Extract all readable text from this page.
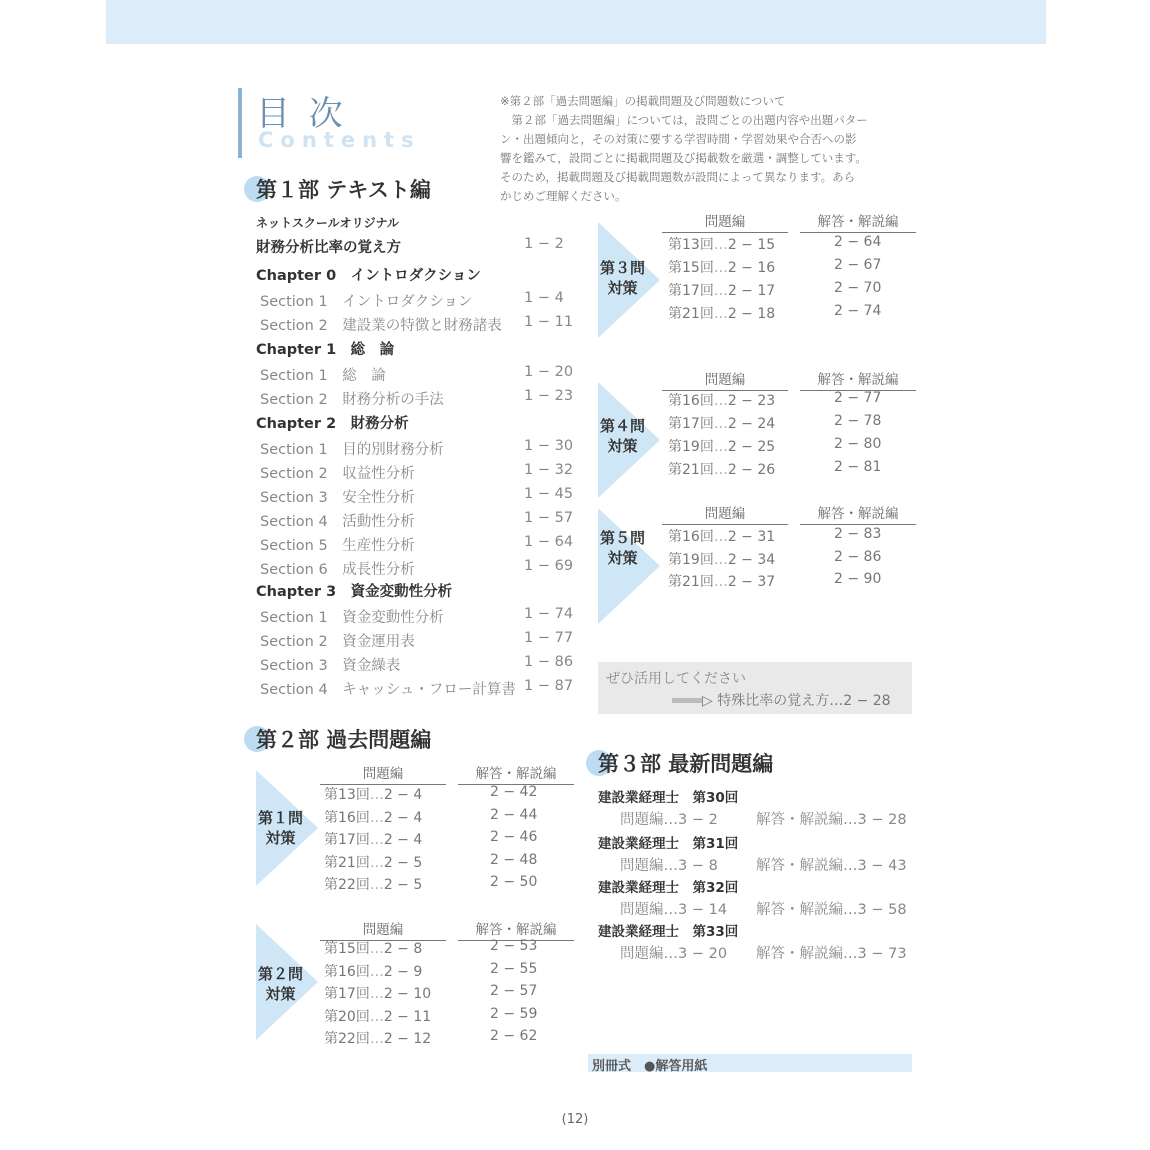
目 次
Contents

※第２部「過去問題編」の掲載問題及び問題数について

　第２部「過去問題編」については，設問ごとの出題内容や出題パター

ン・出題傾向と，その対策に要する学習時間・学習効果や合否への影

響を鑑みて，設問ごとに掲載問題及び掲載数を厳選・調整しています。

そのため，掲載問題及び掲載問題数が設問によって異なります。あら

かじめご理解ください。

第１部 テキスト編
ネットスクールオリジナル
財務分析比率の覚え方	1 − 2
Chapter 0　イントロダクション
Section 1　イントロダクション	1 − 4
Section 2　建設業の特徴と財務諸表 1 − 11
Chapter 1　総　論
Section 1　総　論	1 − 20
Section 2　財務分析の手法	1 − 23
Chapter 2　財務分析
Section 1　目的別財務分析	1 − 30
Section 2　収益性分析	1 − 32
Section 3　安全性分析	1 − 45
Section 4　活動性分析	1 − 57
Section 5　生産性分析	1 − 64
Section 6　成長性分析	1 − 69
Chapter 3　資金変動性分析
Section 1　資金変動性分析	1 − 74
Section 2　資金運用表	1 − 77
Section 3　資金繰表	1 − 86
Section 4　キャッシュ・フロー計算書 1 − 87
第２部 過去問題編
第１問
対策
問題編	解答・解説編
第13回…2 − 4	2 − 42
第16回…2 − 4	2 − 44
第17回…2 − 4	2 − 46
第21回…2 − 5	2 − 48
第22回…2 − 5	2 − 50
第２問
対策
問題編	解答・解説編
第15回…2 − 8	2 − 53
第16回…2 − 9	2 − 55
第17回…2 − 10	2 − 57
第20回…2 − 11	2 − 59
第22回…2 − 12	2 − 62
第３問
対策
問題編	解答・解説編
第13回…2 − 15	2 − 64
第15回…2 − 16	2 − 67
第17回…2 − 17	2 − 70
第21回…2 − 18	2 − 74
第４問
対策
問題編	解答・解説編
第16回…2 − 23	2 − 77
第17回…2 − 24	2 − 78
第19回…2 − 25	2 − 80
第21回…2 − 26	2 − 81
第５問
対策
問題編	解答・解説編
第16回…2 − 31	2 − 83
第19回…2 − 34	2 − 86
第21回…2 − 37	2 − 90
ぜひ活用してください
▷ 特殊比率の覚え方…2 − 28
第３部 最新問題編
建設業経理士　第30回
問題編…3 − 2	解答・解説編…3 − 28
建設業経理士　第31回
問題編…3 − 8	解答・解説編…3 − 43
建設業経理士　第32回
問題編…3 − 14 解答・解説編…3 − 58
建設業経理士　第33回
問題編…3 − 20 解答・解説編…3 − 73
別冊式　●解答用紙
(12)
